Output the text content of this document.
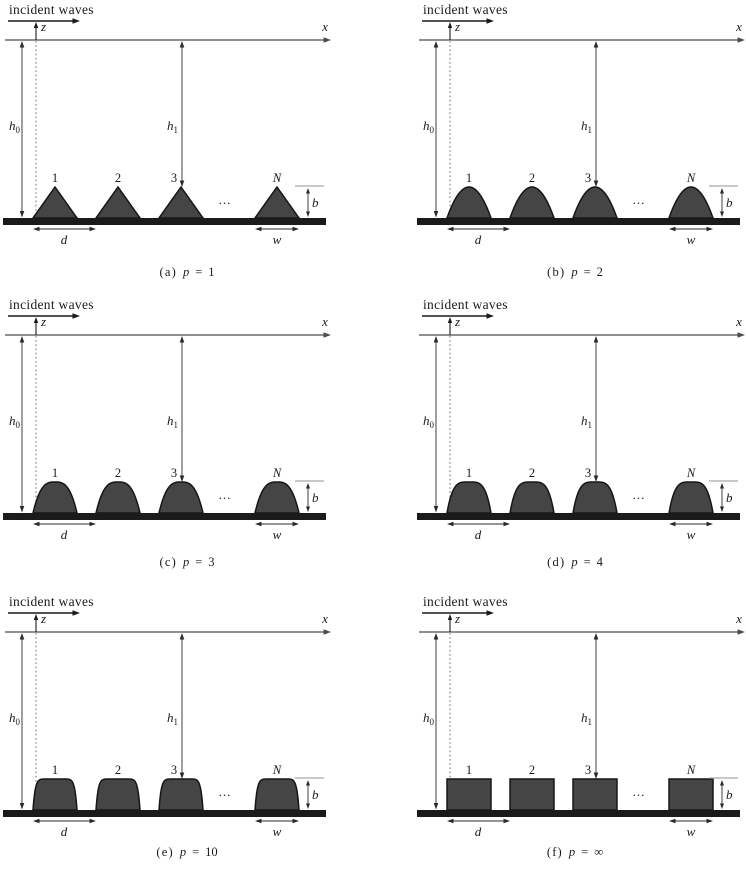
incident waves
x
z
$h_0$	$h_1$
1	2	3	N
...	b
d	w
(a) p = 1
incident waves
x
z
$h_0$	$h_1$
1	2	3	N
...	b
d	w
(b) p = 2
incident waves
x
z
$h_0$	$h_1$
1	2	3	N
...	b
d	w
(c) p = 3
incident waves
x
z
$h_0$	$h_1$
1	2	3	N
...	b
d	w
(d) p = 4
incident waves
x
z
$h_0$	$h_1$
1	2	3	N
...	b
d	w
(e) p = 10
incident waves
x
z
$h_0$	$h_1$
1	2	3	N
...	b
d	w
(f) p = ∞
